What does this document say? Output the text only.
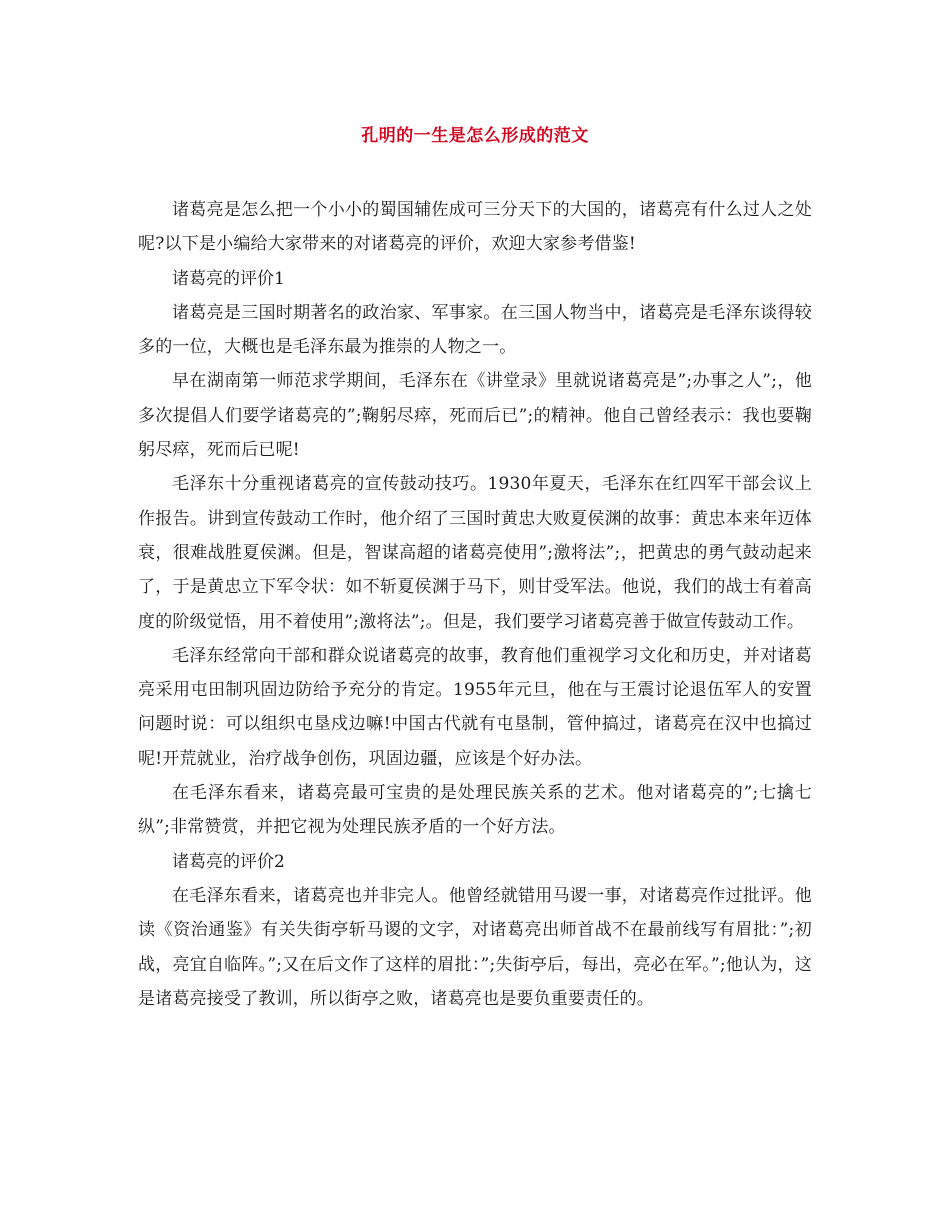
孔明的一生是怎么形成的范文

诸葛亮是怎么把一个小小的蜀国辅佐成可三分天下的大国的，诸葛亮有什么过人之处呢?以下是小编给大家带来的对诸葛亮的评价，欢迎大家参考借鉴!

诸葛亮的评价1

诸葛亮是三国时期著名的政治家、军事家。在三国人物当中，诸葛亮是毛泽东谈得较多的一位，大概也是毛泽东最为推崇的人物之一。

早在湖南第一师范求学期间，毛泽东在《讲堂录》里就说诸葛亮是”;办事之人”;，他多次提倡人们要学诸葛亮的”;鞠躬尽瘁，死而后已”;的精神。他自己曾经表示：我也要鞠躬尽瘁，死而后已呢!

毛泽东十分重视诸葛亮的宣传鼓动技巧。1930年夏天，毛泽东在红四军干部会议上作报告。讲到宣传鼓动工作时，他介绍了三国时黄忠大败夏侯渊的故事：黄忠本来年迈体衰，很难战胜夏侯渊。但是，智谋高超的诸葛亮使用”;激将法”;，把黄忠的勇气鼓动起来了，于是黄忠立下军令状：如不斩夏侯渊于马下，则甘受军法。他说，我们的战士有着高度的阶级觉悟，用不着使用”;激将法”;。但是，我们要学习诸葛亮善于做宣传鼓动工作。

毛泽东经常向干部和群众说诸葛亮的故事，教育他们重视学习文化和历史，并对诸葛亮采用屯田制巩固边防给予充分的肯定。1955年元旦，他在与王震讨论退伍军人的安置问题时说：可以组织屯垦戍边嘛!中国古代就有屯垦制，管仲搞过，诸葛亮在汉中也搞过呢!开荒就业，治疗战争创伤，巩固边疆，应该是个好办法。

在毛泽东看来，诸葛亮最可宝贵的是处理民族关系的艺术。他对诸葛亮的”;七擒七纵”;非常赞赏，并把它视为处理民族矛盾的一个好方法。

诸葛亮的评价2

在毛泽东看来，诸葛亮也并非完人。他曾经就错用马谡一事，对诸葛亮作过批评。他读《资治通鉴》有关失街亭斩马谡的文字，对诸葛亮出师首战不在最前线写有眉批：”;初战，亮宜自临阵。”;又在后文作了这样的眉批：”;失街亭后，每出，亮必在军。”;他认为，这是诸葛亮接受了教训，所以街亭之败，诸葛亮也是要负重要责任的。
